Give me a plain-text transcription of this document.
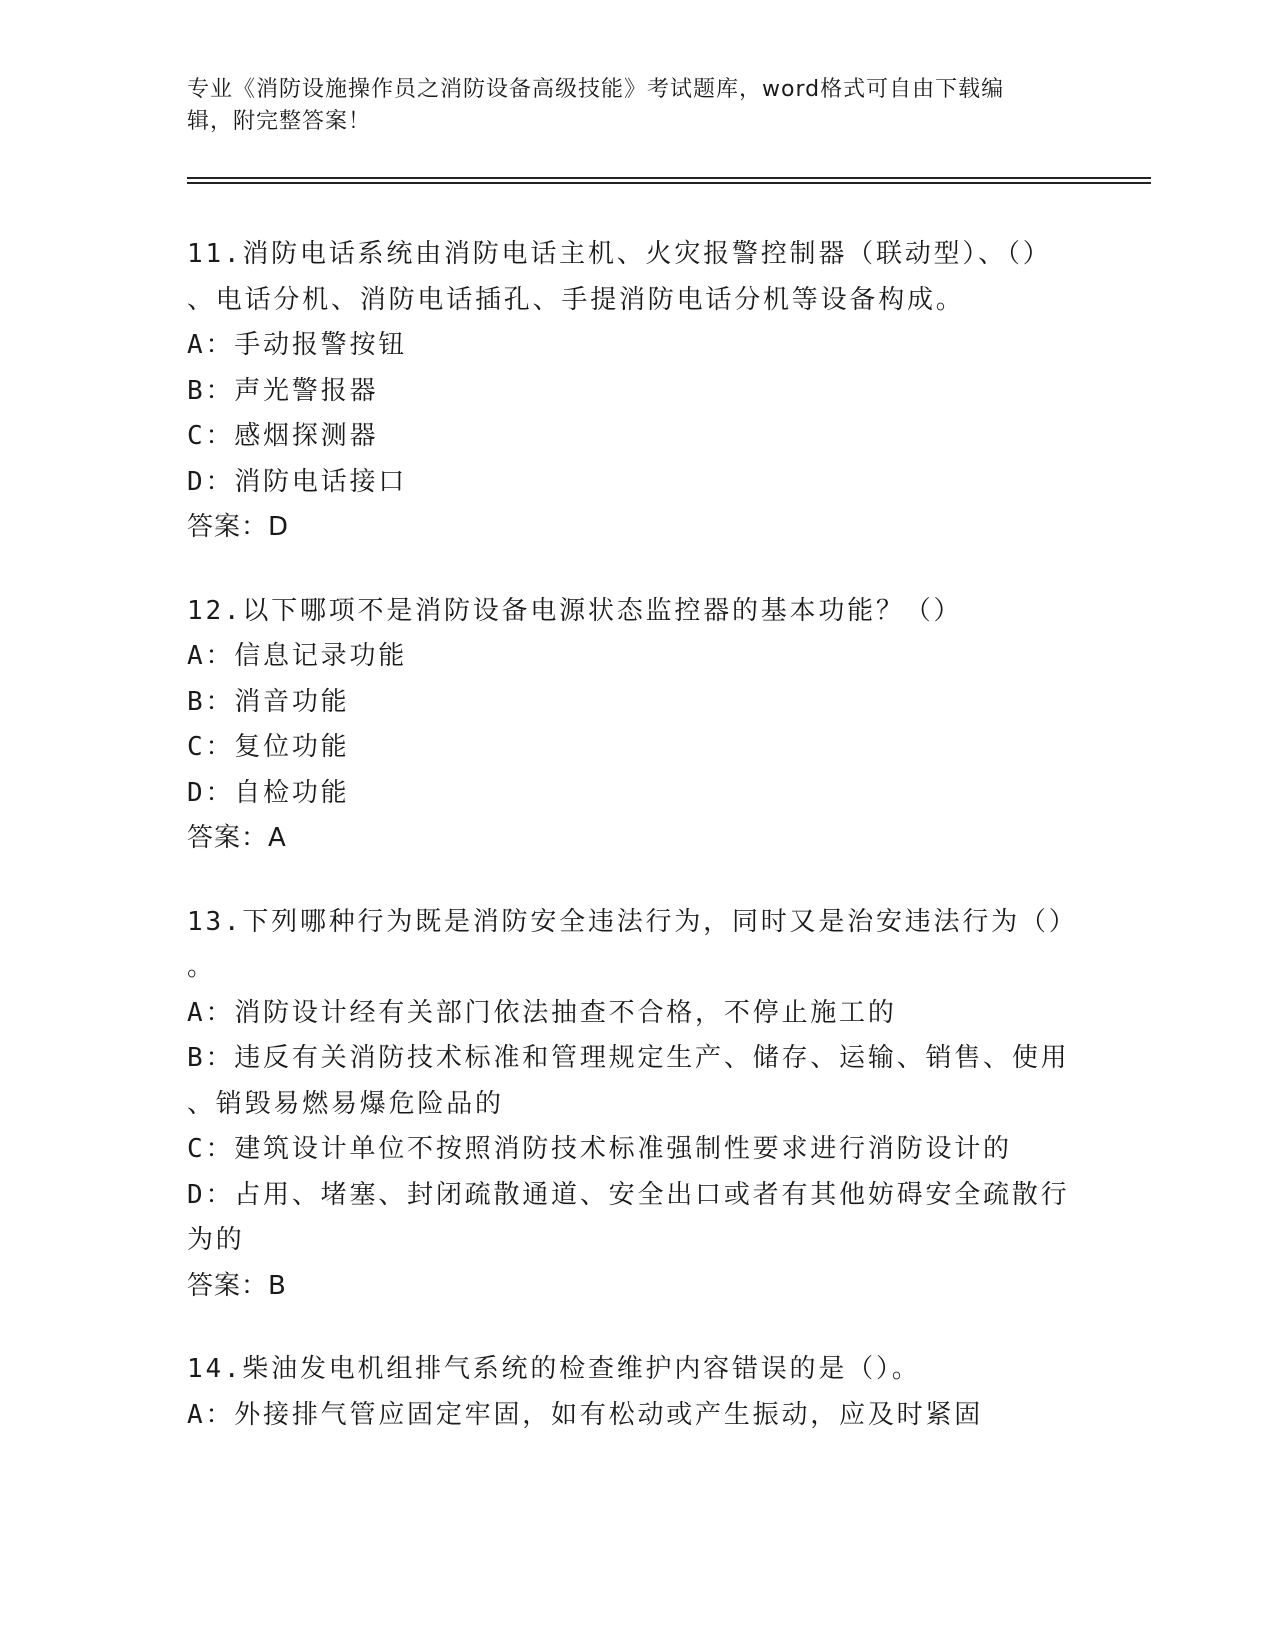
专业《消防设施操作员之消防设备高级技能》考试题库，word格式可自由下载编
辑，附完整答案！
11.消防电话系统由消防电话主机、火灾报警控制器（联动型）、（）
、电话分机、消防电话插孔、手提消防电话分机等设备构成。
A：手动报警按钮
B：声光警报器
C：感烟探测器
D：消防电话接口
答案：D
12.以下哪项不是消防设备电源状态监控器的基本功能？（）
A：信息记录功能
B：消音功能
C：复位功能
D：自检功能
答案：A
13.下列哪种行为既是消防安全违法行为，同时又是治安违法行为（）
。
A：消防设计经有关部门依法抽查不合格，不停止施工的
B：违反有关消防技术标准和管理规定生产、储存、运输、销售、使用
、销毁易燃易爆危险品的
C：建筑设计单位不按照消防技术标准强制性要求进行消防设计的
D：占用、堵塞、封闭疏散通道、安全出口或者有其他妨碍安全疏散行
为的
答案：B
14.柴油发电机组排气系统的检查维护内容错误的是（）。
A：外接排气管应固定牢固，如有松动或产生振动，应及时紧固
